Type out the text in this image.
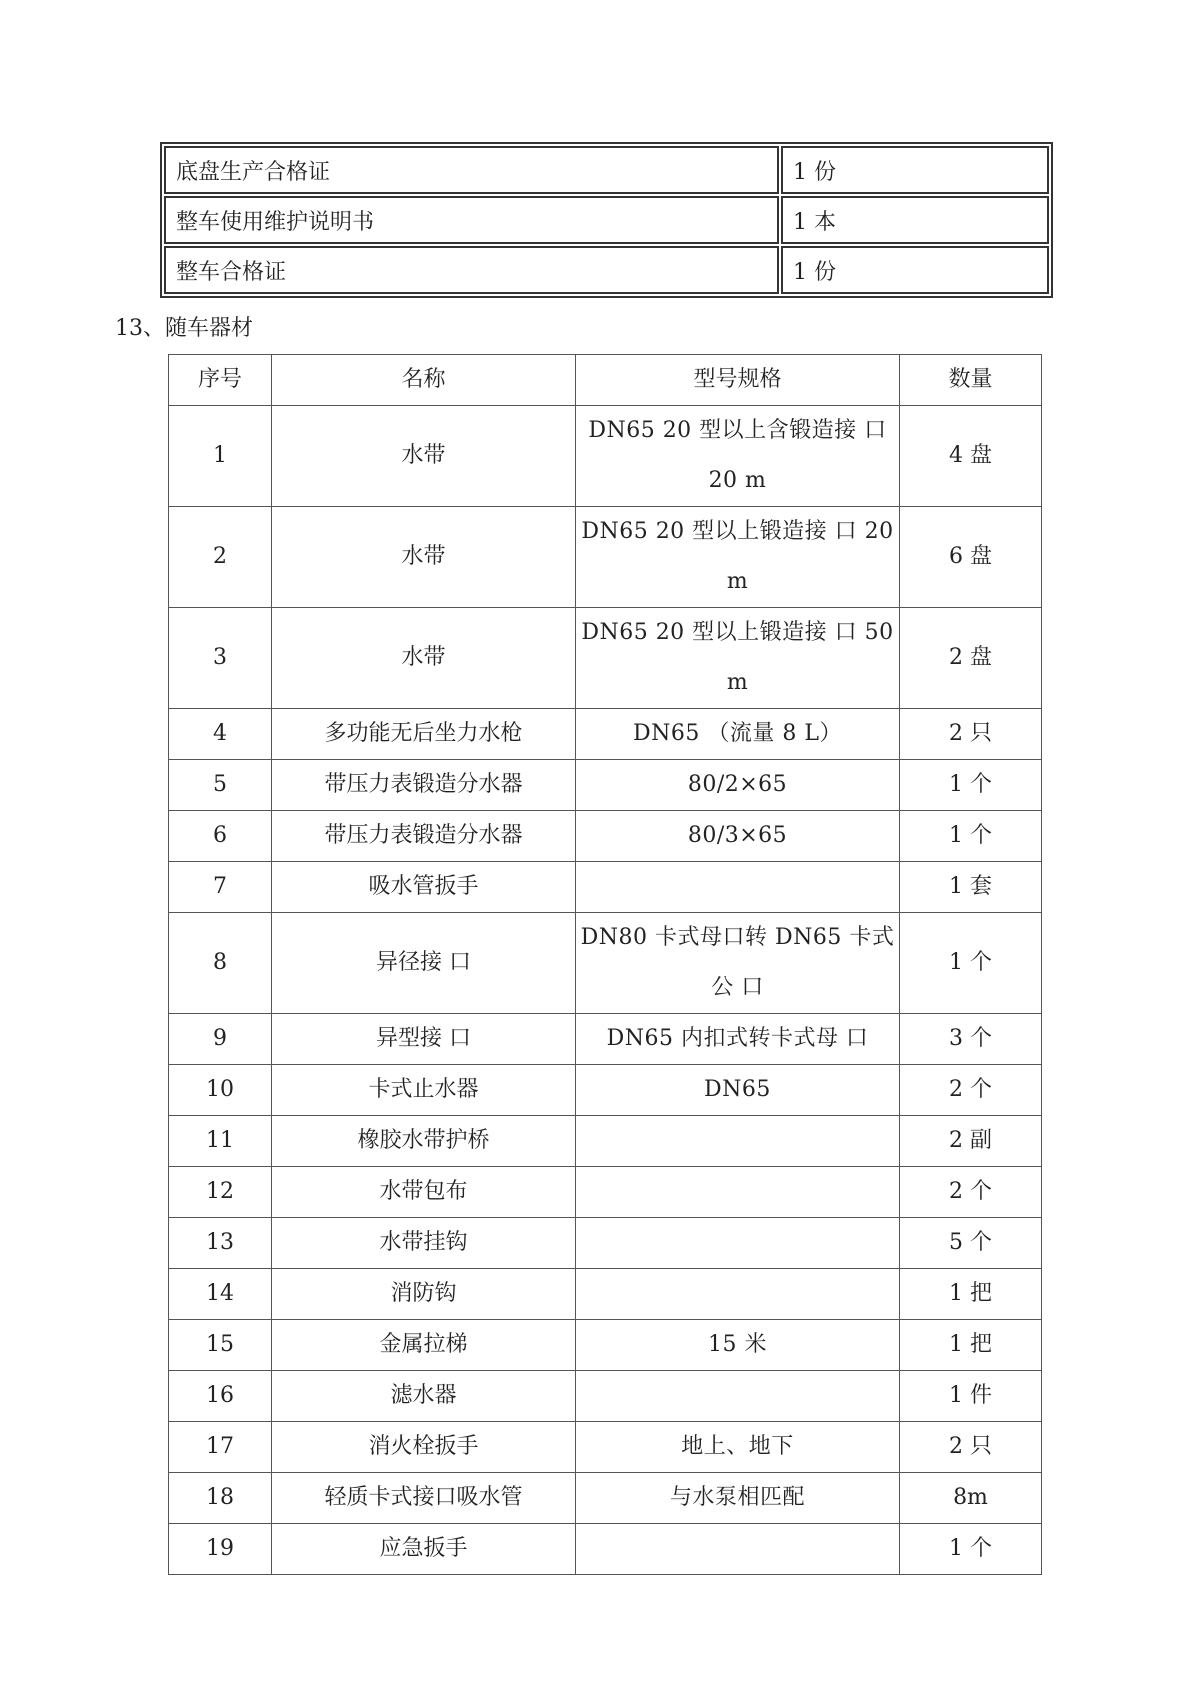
底盘生产合格证	1 份
整车使用维护说明书	1 本
整车合格证	1 份
13、随车器材
序号	名称	型号规格	数量
1	水带	DN65 20 型以上含锻造接 口 20 m	4 盘
2	水带	DN65 20 型以上锻造接 口 20 m	6 盘
3	水带	DN65 20 型以上锻造接 口 50 m	2 盘
4	多功能无后坐力水枪	DN65 （流量 8 L）	2 只
5	带压力表锻造分水器	80/2×65	1 个
6	带压力表锻造分水器	80/3×65	1 个
7	吸水管扳手		1 套
8	异径接 口	DN80 卡式母口转 DN65 卡式公 口	1 个
9	异型接 口	DN65 内扣式转卡式母 口	3 个
10	卡式止水器	DN65	2 个
11	橡胶水带护桥		2 副
12	水带包布		2 个
13	水带挂钩		5 个
14	消防钩		1 把
15	金属拉梯	15 米	1 把
16	滤水器		1 件
17	消火栓扳手	地上、地下	2 只
18	轻质卡式接口吸水管	与水泵相匹配	8m
19	应急扳手		1 个
